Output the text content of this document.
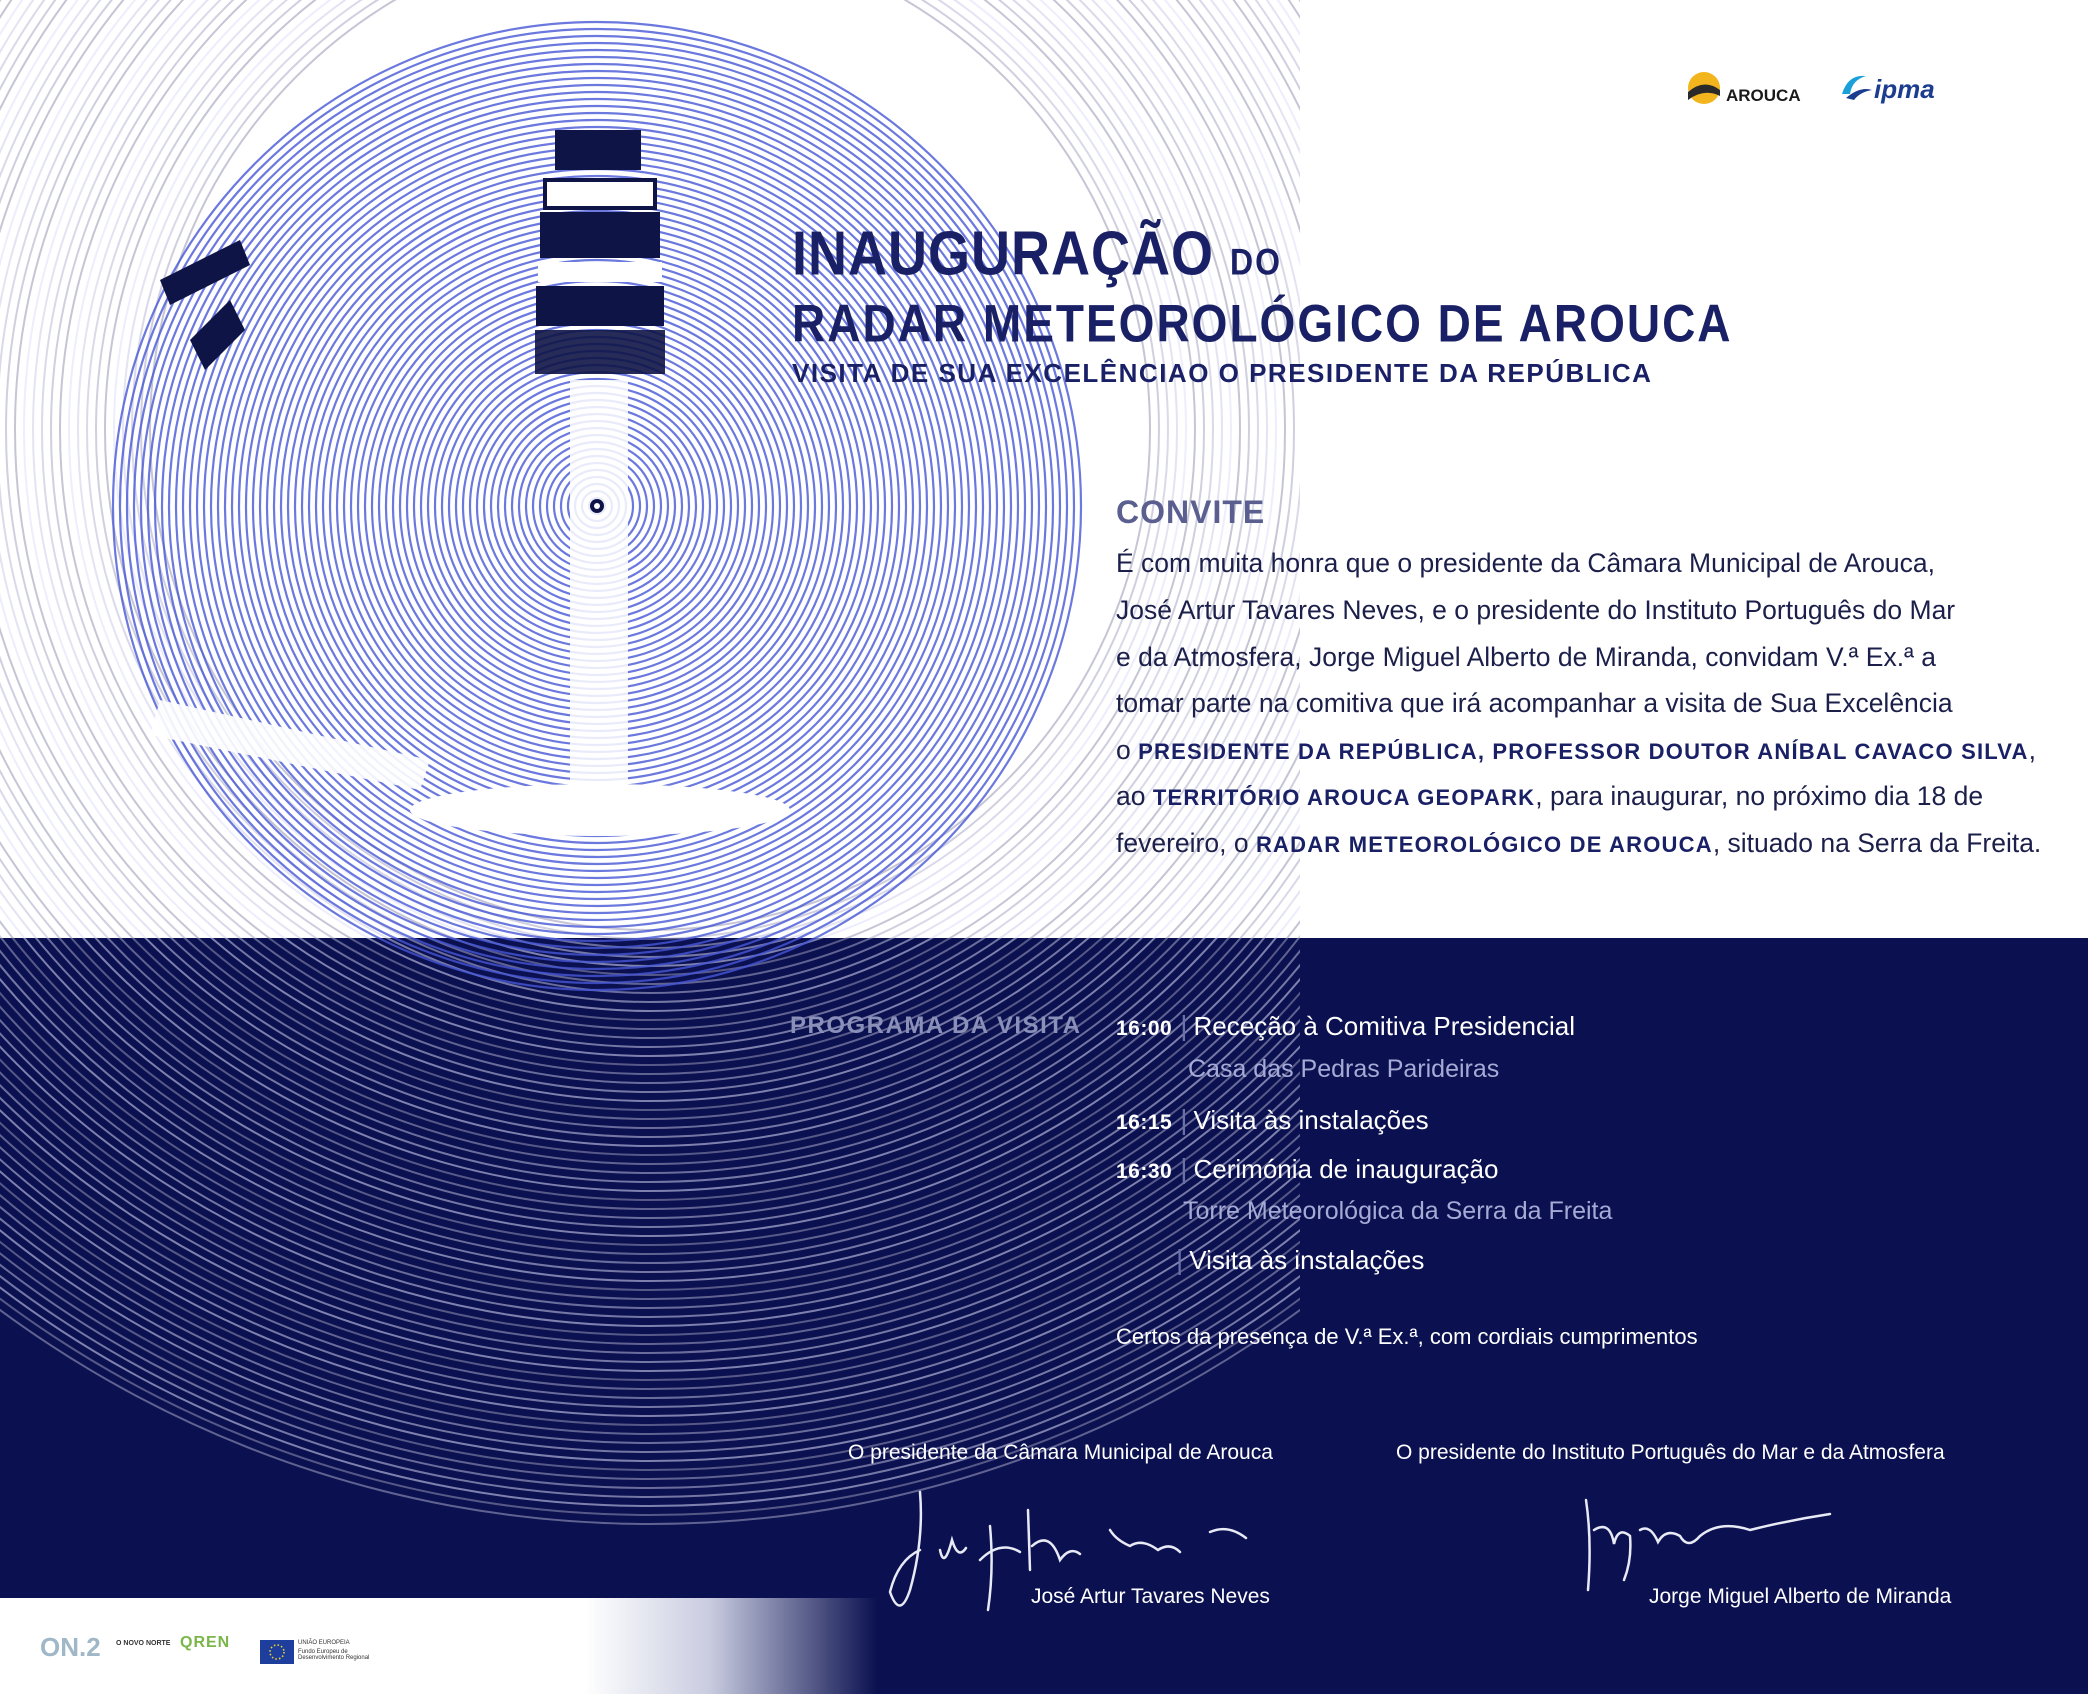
AROUCA	ipma
INAUGURAÇÃO DO
RADAR METEOROLÓGICO DE AROUCA
VISITA DE SUA EXCELÊNCIAO O PRESIDENTE DA REPÚBLICA
CONVITE
É com muita honra que o presidente da Câmara Municipal de Arouca,
José Artur Tavares Neves, e o presidente do Instituto Português do Mar
e da Atmosfera, Jorge Miguel Alberto de Miranda, convidam V.ª Ex.ª a
tomar parte na comitiva que irá acompanhar a visita de Sua Excelência
o PRESIDENTE DA REPÚBLICA, PROFESSOR DOUTOR ANÍBAL CAVACO SILVA,
ao TERRITÓRIO AROUCA GEOPARK, para inaugurar, no próximo dia 18 de
fevereiro, o RADAR METEOROLÓGICO DE AROUCA, situado na Serra da Freita.
PROGRAMA DA VISITA 16:00 | Receção à Comitiva Presidencial
Casa das Pedras Parideiras
16:15 | Visita às instalações
16:30 | Cerimónia de inauguração
Torre Meteorológica da Serra da Freita
| Visita às instalações
Certos da presença de V.ª Ex.ª, com cordiais cumprimentos
O presidente da Câmara Municipal de Arouca	O presidente do Instituto Português do Mar e da Atmosfera
José Artur Tavares Neves	Jorge Miguel Alberto de Miranda
ON.2 O NOVO NORTE QREN	UNIÃO EUROPEIA
Fundo Europeu de Desenvolvimento Regional
